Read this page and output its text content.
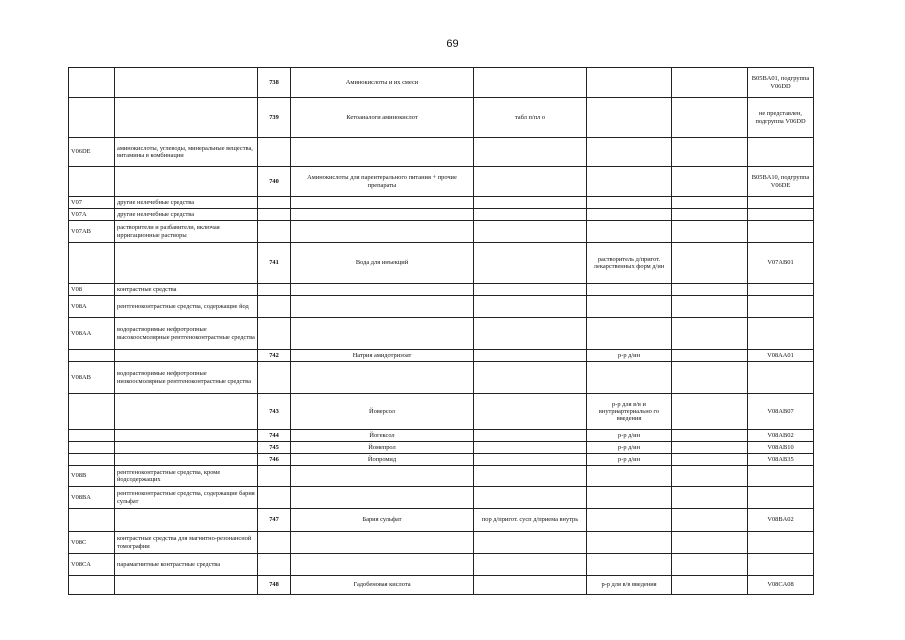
69
		738	Аминокислоты и их смеси				B05BA01, подгруппа V06DD
		739	Кетоаналоги аминокислот	табл п/пл о			не представлен, подгруппа V06DD
V06DE	аминокислоты, углеводы, минеральные вещества, витамины в комбинации						
		740	Аминокислоты для парентерального питания + прочие препараты				B05BA10, подгруппа V06DE
V07	другие нелечебные средства						
V07A	другие нелечебные средства						
V07AB	растворители и разбавители, включая ирригационные растворы						
		741	Вода для инъекций		растворитель д/пригот. лекарственных форм д/ин		V07AB01
V08	контрастные средства						
V08A	рентгеноконтрастные средства, содержащие йод						
V08AA	водорастворимые нефротропные высокоосмолярные рентгеноконтрастные средства						
		742	Натрия амидотризоат		р-р д/ин		V08AA01
V08AB	водорастворимые нефротропные низкоосмолярные рентгеноконтрастные средства						
		743	Йоверсол		р-р для в/в и внутриартериально го введения		V08AB07
		744	Йогексол		р-р д/ин		V08AB02
		745	Йомепрол		р-р д/ин		V08AB10
		746	Йопромид		р-р д/ин		V08AB35
V08B	рентгеноконтрастные средства, кроме йодсодержащих						
V08BA	рентгеноконтрастные средства, содержащие бария сульфат						
		747	Бария сульфат	пор д/пригот. сусп д/приема внутрь			V08BA02
V08C	контрастные средства для магнитно-резонансной томографии						
V08CA	парамагнитные контрастные средства						
		748	Гадобеновая кислота		р-р для в/в введения		V08CA08
